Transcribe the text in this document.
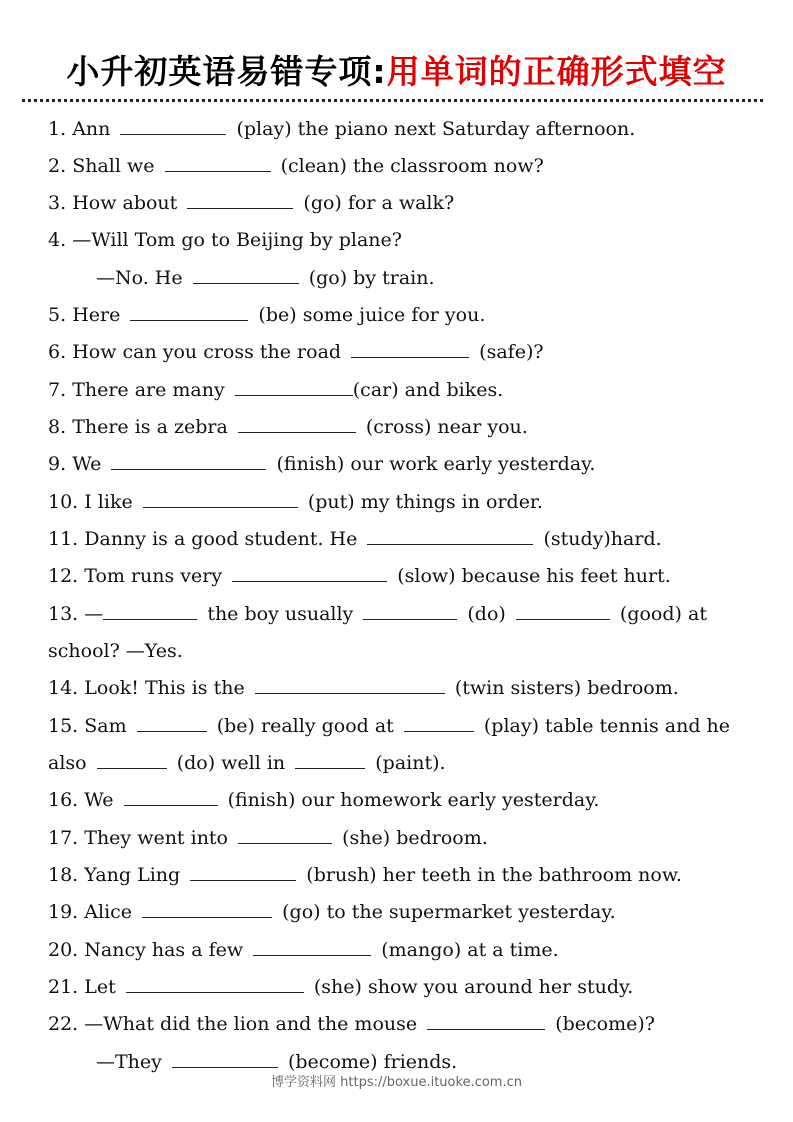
小升初英语易错专项:用单词的正确形式填空
1. Ann	(play) the piano next Saturday afternoon.
2. Shall we	(clean) the classroom now?
3. How about	(go) for a walk?
4. —Will Tom go to Beijing by plane?
—No. He	(go) by train.
5. Here	(be) some juice for you.
6. How can you cross the road	(safe)?
7. There are many	(car) and bikes.
8. There is a zebra	(cross) near you.
9. We	(finish) our work early yesterday.
10. I like	(put) my things in order.
11. Danny is a good student. He	(study)hard.
12. Tom runs very	(slow) because his feet hurt.
13. —	the boy usually	(do)	(good) at
school? —Yes.
14. Look! This is the	(twin sisters) bedroom.
15. Sam	(be) really good at	(play) table tennis and he
also	(do) well in	(paint).
16. We	(finish) our homework early yesterday.
17. They went into	(she) bedroom.
18. Yang Ling	(brush) her teeth in the bathroom now.
19. Alice	(go) to the supermarket yesterday.
20. Nancy has a few	(mango) at a time.
21. Let	(she) show you around her study.
22. —What did the lion and the mouse	(become)?
—They	(become) friends.
博学资料网 https://boxue.ituoke.com.cn
